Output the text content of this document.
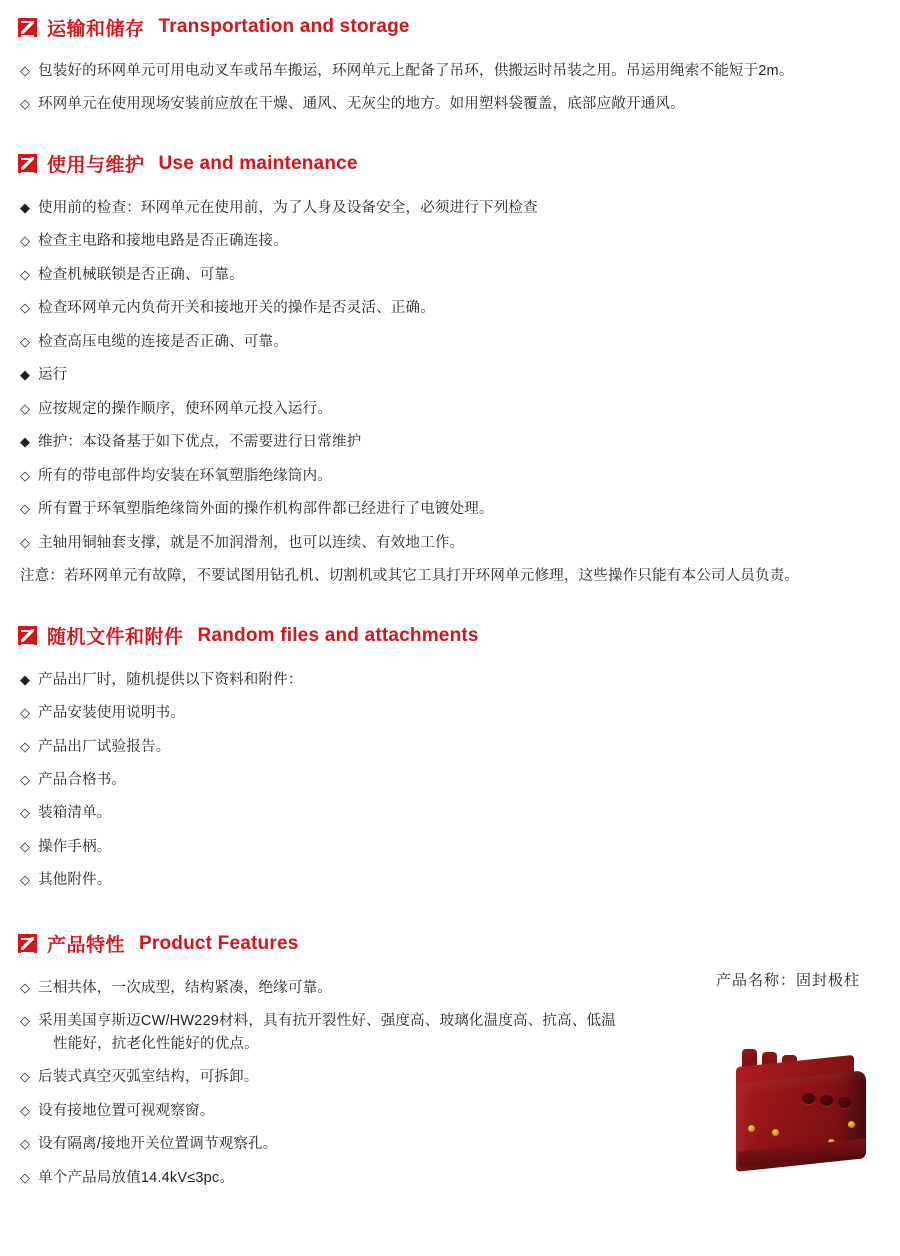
运输和储存 Transportation and storage
◇ 包装好的环网单元可用电动叉车或吊车搬运，环网单元上配备了吊环，供搬运时吊装之用。吊运用绳索不能短于2m。
◇ 环网单元在使用现场安装前应放在干燥、通风、无灰尘的地方。如用塑料袋覆盖，底部应敞开通风。
使用与维护 Use and maintenance
◆ 使用前的检查：环网单元在使用前，为了人身及设备安全，必须进行下列检查
◇ 检查主电路和接地电路是否正确连接。
◇ 检查机械联锁是否正确、可靠。
◇ 检查环网单元内负荷开关和接地开关的操作是否灵活、正确。
◇ 检查高压电缆的连接是否正确、可靠。
◆ 运行
◇ 应按规定的操作顺序，使环网单元投入运行。
◆ 维护：本设备基于如下优点，不需要进行日常维护
◇ 所有的带电部件均安装在环氧塑脂绝缘筒内。
◇ 所有置于环氧塑脂绝缘筒外面的操作机构部件都已经进行了电镀处理。
◇ 主轴用铜轴套支撑，就是不加润滑剂，也可以连续、有效地工作。
注意：若环网单元有故障，不要试图用钻孔机、切割机或其它工具打开环网单元修理，这些操作只能有本公司人员负责。
随机文件和附件 Random files and attachments
◆ 产品出厂时，随机提供以下资料和附件：
◇ 产品安装使用说明书。
◇ 产品出厂试验报告。
◇ 产品合格书。
◇ 装箱清单。
◇ 操作手柄。
◇ 其他附件。
产品特性 Product Features
产品名称：固封极柱
◇ 三相共体，一次成型，结构紧凑，绝缘可靠。
◇ 采用美国亨斯迈CW/HW229材料，具有抗开裂性好、强度高、玻璃化温度高、抗高、低温
性能好，抗老化性能好的优点。
◇ 后装式真空灭弧室结构，可拆卸。
◇ 设有接地位置可视观察窗。
◇ 设有隔离/接地开关位置调节观察孔。
◇ 单个产品局放值14.4kV≤3pc。
